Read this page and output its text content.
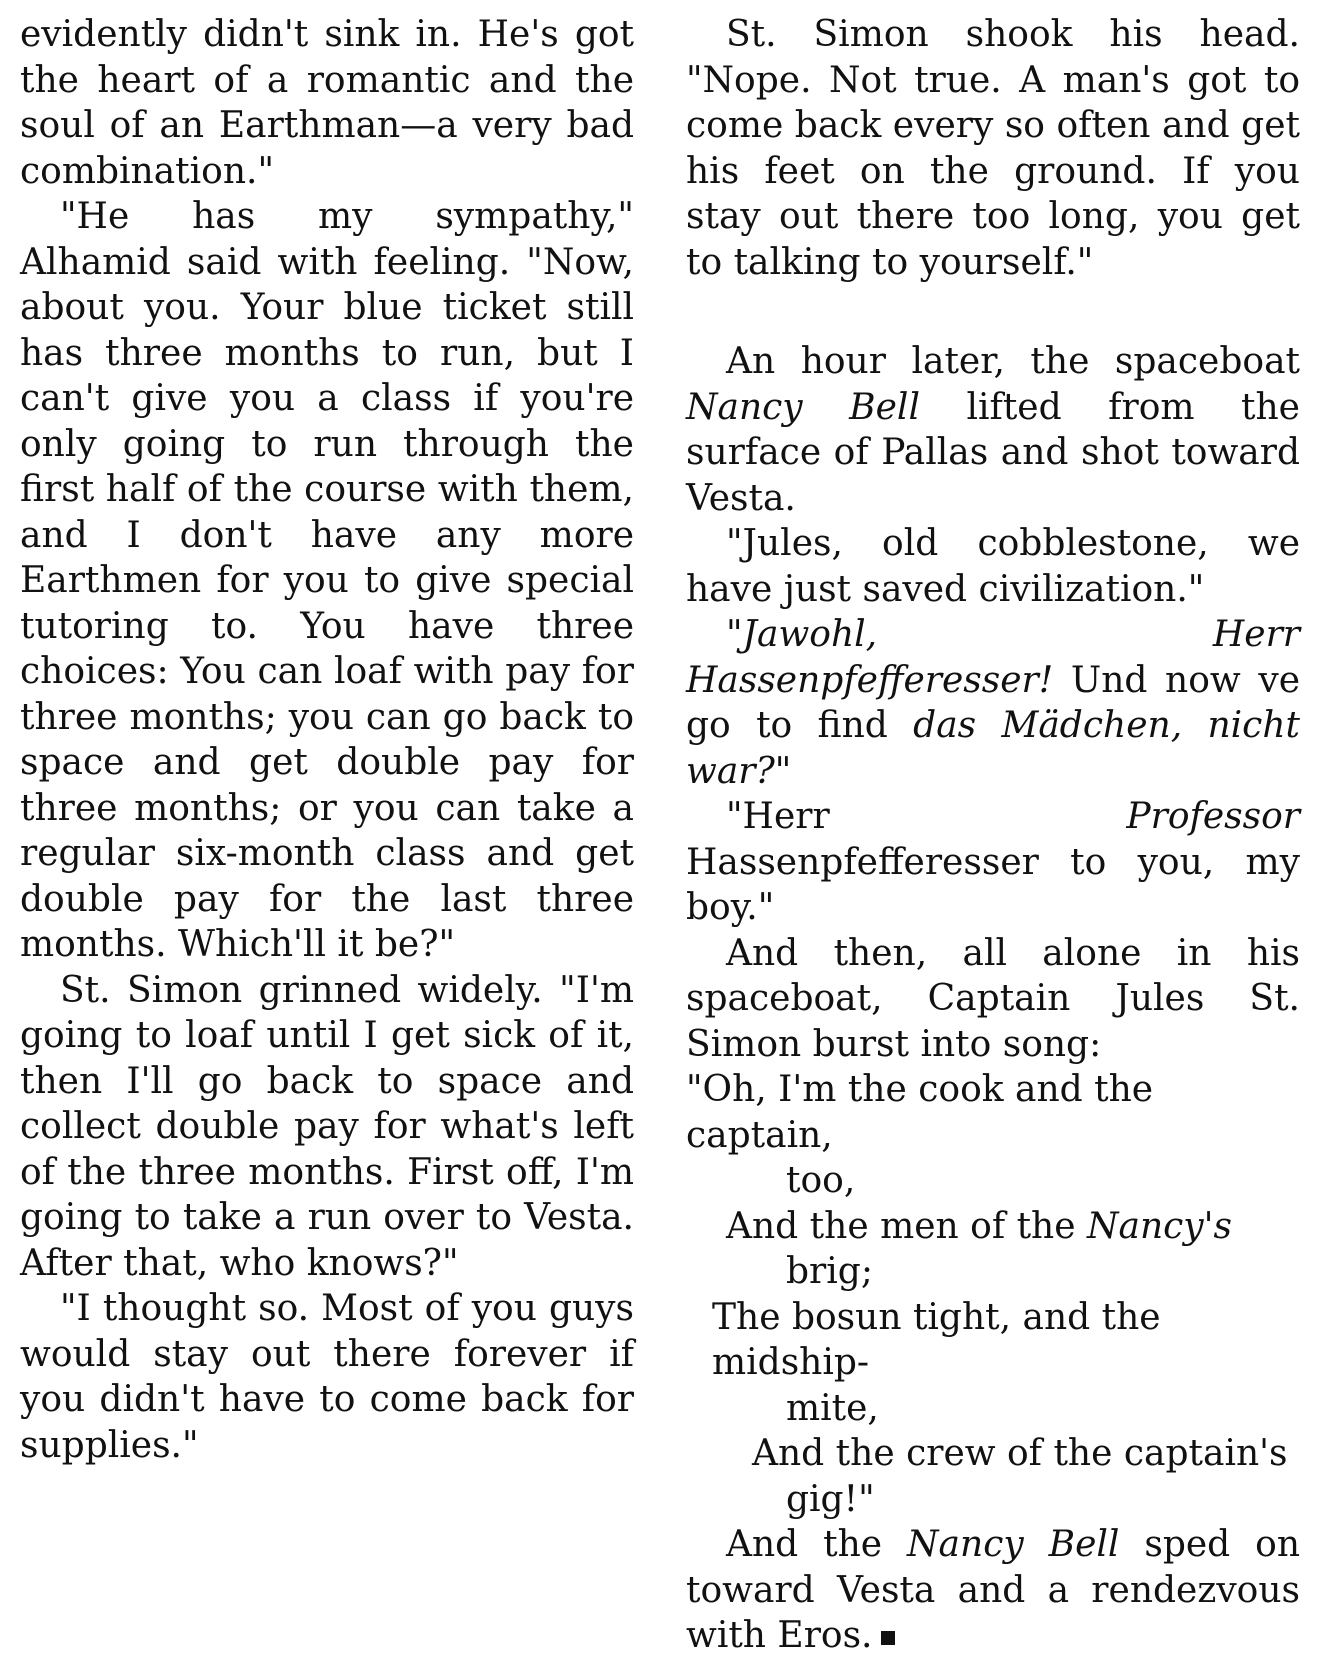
evidently didn't sink in. He's got the heart of a romantic and the soul of an Earthman—a very bad combination."

"He has my sympathy," Alhamid said with feeling. "Now, about you. Your blue ticket still has three months to run, but I can't give you a class if you're only going to run through the first half of the course with them, and I don't have any more Earthmen for you to give special tutoring to. You have three choices: You can loaf with pay for three months; you can go back to space and get double pay for three months; or you can take a regular six-month class and get double pay for the last three months. Which'll it be?"

St. Simon grinned widely. "I'm going to loaf until I get sick of it, then I'll go back to space and collect double pay for what's left of the three months. First off, I'm going to take a run over to Vesta. After that, who knows?"

"I thought so. Most of you guys would stay out there forever if you didn't have to come back for supplies."

St. Simon shook his head. "Nope. Not true. A man's got to come back every so often and get his feet on the ground. If you stay out there too long, you get to talking to yourself."

An hour later, the spaceboat Nancy Bell lifted from the surface of Pallas and shot toward Vesta.

"Jules, old cobblestone, we have just saved civilization."

"Jawohl, Herr Hassenpfefferesser! Und now ve go to find das Mädchen, nicht war?"

"Herr Professor Hassenpfefferesser to you, my boy."

And then, all alone in his spaceboat, Captain Jules St. Simon burst into song:

"Oh, I'm the cook and the captain,
too,
And the men of the Nancy's
brig;
The bosun tight, and the midship-
mite,
And the crew of the captain's
gig!"

And the Nancy Bell sped on toward Vesta and a rendezvous with Eros.
